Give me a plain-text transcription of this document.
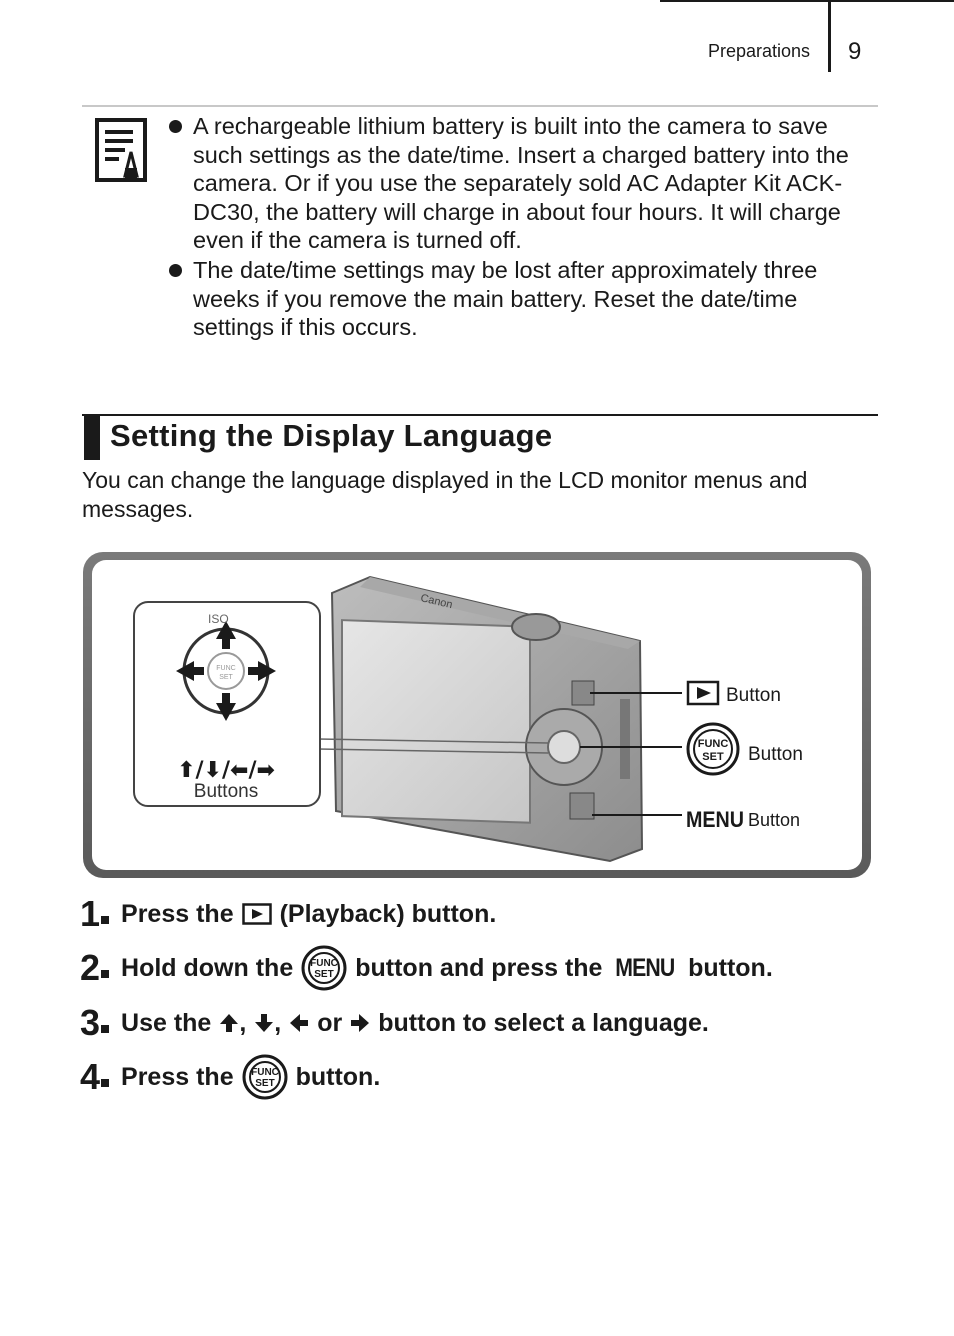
Preparations 9
A rechargeable lithium battery is built into the camera to save such settings as the date/time. Insert a charged battery into the camera. Or if you use the separately sold AC Adapter Kit ACK-DC30, the battery will charge in about four hours. It will charge even if the camera is turned off.
The date/time settings may be lost after approximately three weeks if you remove the main battery. Reset the date/time settings if this occurs.
Setting the Display Language
You can change the language displayed in the LCD monitor menus and messages.
Canon
FUNC
SET
ISO
⬆/⬇/⬅/➡
Buttons
Button
FUNC
SET Button
MENU Button
1 Press the (Playback) button.
2 Hold down the FUNC
SET button and press the MENU button.
3 Use the , , or button to select a language.
4 Press the FUNC
SET button.
